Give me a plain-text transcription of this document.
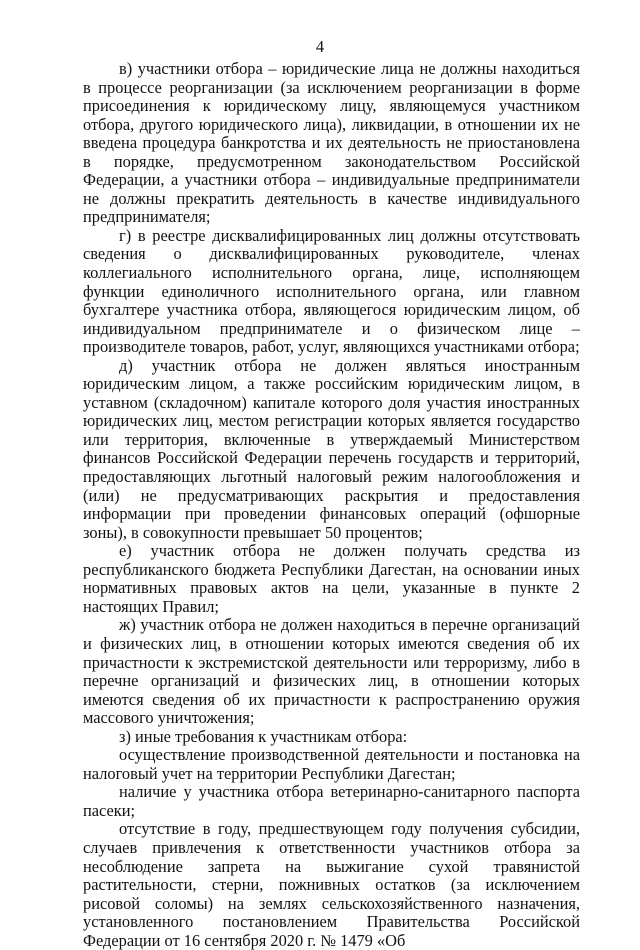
4

в) участники отбора – юридические лица не должны находиться в процессе реорганизации (за исключением реорганизации в форме присоединения к юридическому лицу, являющемуся участником отбора, другого юридического лица), ликвидации, в отношении их не введена процедура банкротства и их деятельность не приостановлена в порядке, предусмотренном законодательством Российской Федерации, а участники отбора – индивидуальные предприниматели не должны прекратить деятельность в качестве индивидуального предпринимателя;

г) в реестре дисквалифицированных лиц должны отсутствовать сведения о дисквалифицированных руководителе, членах коллегиального исполнительного органа, лице, исполняющем функции единоличного исполнительного органа, или главном бухгалтере участника отбора, являющегося юридическим лицом, об индивидуальном предпринимателе и о физическом лице – производителе товаров, работ, услуг, являющихся участниками отбора;

д) участник отбора не должен являться иностранным юридическим лицом, а также российским юридическим лицом, в уставном (складочном) капитале которого доля участия иностранных юридических лиц, местом регистрации которых является государство или территория, включенные в утверждаемый Министерством финансов Российской Федерации перечень государств и территорий, предоставляющих льготный налоговый режим налогообложения и (или) не предусматривающих раскрытия и предоставления информации при проведении финансовых операций (офшорные зоны), в совокупности превышает 50 процентов;

е) участник отбора не должен получать средства из республиканского бюджета Республики Дагестан, на основании иных нормативных правовых актов на цели, указанные в пункте 2 настоящих Правил;

ж) участник отбора не должен находиться в перечне организаций и физических лиц, в отношении которых имеются сведения об их причастности к экстремистской деятельности или терроризму, либо в перечне организаций и физических лиц, в отношении которых имеются сведения об их причастности к распространению оружия массового уничтожения;

з) иные требования к участникам отбора:

осуществление производственной деятельности и постановка на налоговый учет на территории Республики Дагестан;

наличие у участника отбора ветеринарно-санитарного паспорта пасеки;

отсутствие в году, предшествующем году получения субсидии, случаев привлечения к ответственности участников отбора за несоблюдение запрета на выжигание сухой травянистой растительности, стерни, пожнивных остатков (за исключением рисовой соломы) на землях сельскохозяйственного назначения, установленного постановлением Правительства Российской Федерации от 16 сентября 2020 г. № 1479 «Об
